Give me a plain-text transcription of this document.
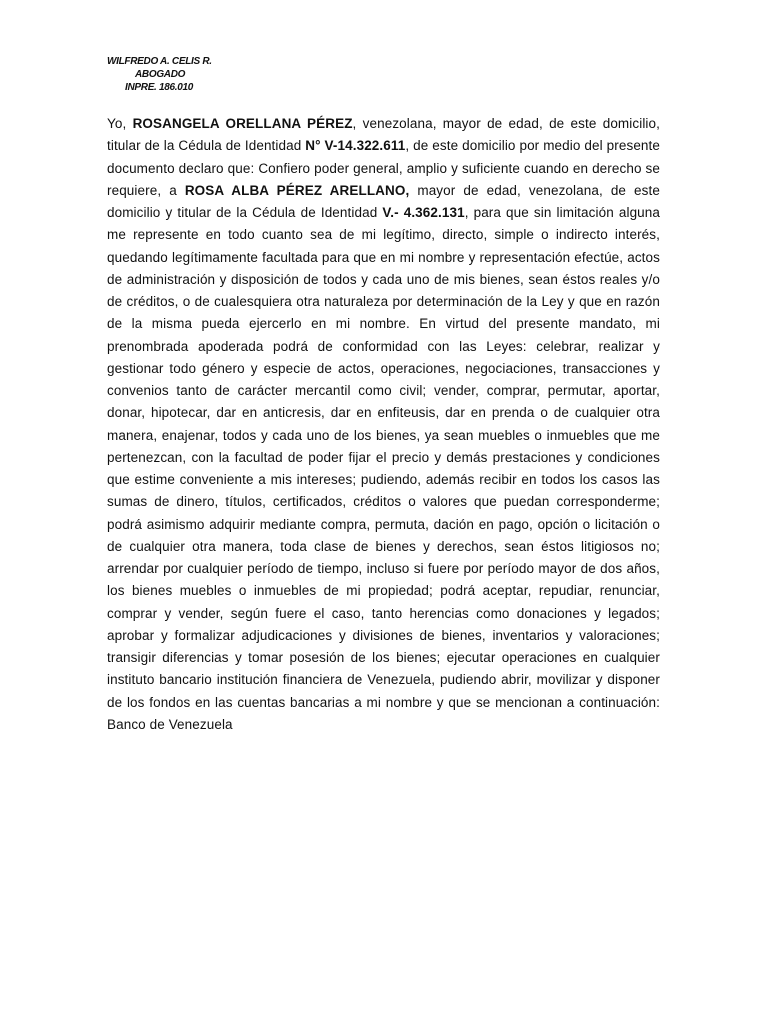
WILFREDO A. CELIS R.
ABOGADO
INPRE. 186.010

Yo, ROSANGELA ORELLANA PÉREZ, venezolana, mayor de edad, de este domicilio, titular de la Cédula de Identidad N° V-14.322.611, de este domicilio por medio del presente documento declaro que: Confiero poder general, amplio y suficiente cuando en derecho se requiere, a ROSA ALBA PÉREZ ARELLANO, mayor de edad, venezolana, de este domicilio y titular de la Cédula de Identidad V.- 4.362.131, para que sin limitación alguna me represente en todo cuanto sea de mi legítimo, directo, simple o indirecto interés, quedando legítimamente facultada para que en mi nombre y representación efectúe, actos de administración y disposición de todos y cada uno de mis bienes, sean éstos reales y/o de créditos, o de cualesquiera otra naturaleza por determinación de la Ley y que en razón de la misma pueda ejercerlo en mi nombre. En virtud del presente mandato, mi prenombrada apoderada podrá de conformidad con las Leyes: celebrar, realizar y gestionar todo género y especie de actos, operaciones, negociaciones, transacciones y convenios tanto de carácter mercantil como civil; vender, comprar, permutar, aportar, donar, hipotecar, dar en anticresis, dar en enfiteusis, dar en prenda o de cualquier otra manera, enajenar, todos y cada uno de los bienes, ya sean muebles o inmuebles que me pertenezcan, con la facultad de poder fijar el precio y demás prestaciones y condiciones que estime conveniente a mis intereses; pudiendo, además recibir en todos los casos las sumas de dinero, títulos, certificados, créditos o valores que puedan corresponderme; podrá asimismo adquirir mediante compra, permuta, dación en pago, opción o licitación o de cualquier otra manera, toda clase de bienes y derechos, sean éstos litigiosos no; arrendar por cualquier período de tiempo, incluso si fuere por período mayor de dos años, los bienes muebles o inmuebles de mi propiedad; podrá aceptar, repudiar, renunciar, comprar y vender, según fuere el caso, tanto herencias como donaciones y legados; aprobar y formalizar adjudicaciones y divisiones de bienes, inventarios y valoraciones; transigir diferencias y tomar posesión de los bienes; ejecutar operaciones en cualquier instituto bancario institución financiera de Venezuela, pudiendo abrir, movilizar y disponer de los fondos en las cuentas bancarias a mi nombre y que se mencionan a continuación: Banco de Venezuela
